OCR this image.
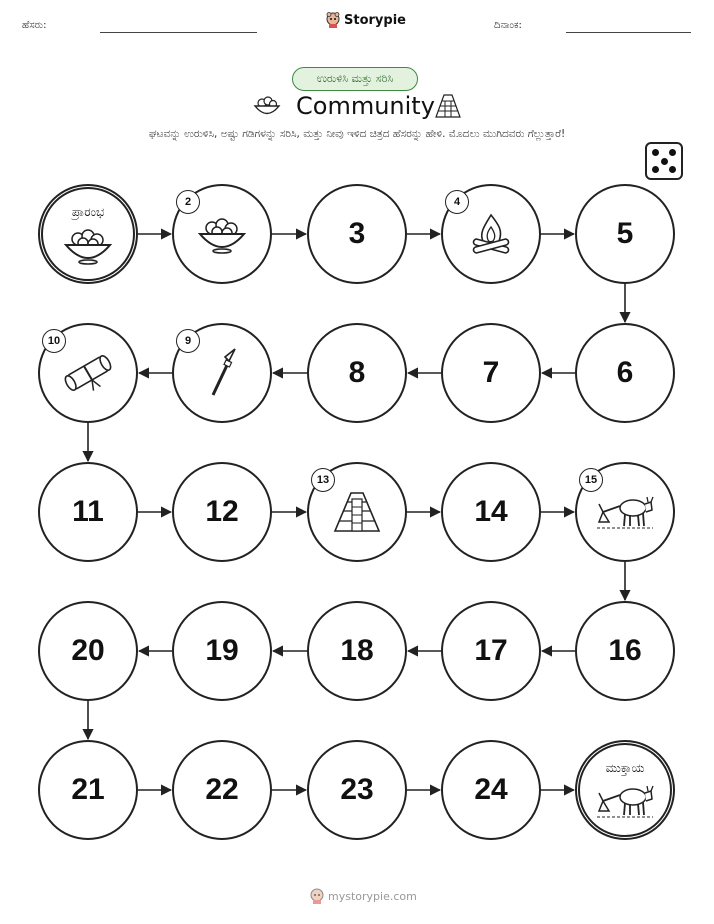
ಹೆಸರು:	Storypie	ದಿನಾಂಕ:
ಉರುಳಿಸಿ ಮತ್ತು ಸರಿಸಿ
Community
ಘಟವನ್ನು ಉರುಳಿಸಿ, ಅಷ್ಟು ಗಡಿಗಳನ್ನು ಸರಿಸಿ, ಮತ್ತು ನೀವು ಇಳಿದ ಚಿತ್ರದ ಹೆಸರನ್ನು ಹೇಳಿ. ಮೊದಲು ಮುಗಿದವರು ಗೆಲ್ಲುತ್ತಾರೆ!
ಪ್ರಾರಂಭ
2
3
4
5
10	9
8	7	6
11	12
13
14
15
20	19	18	17	16
21	22	23	24
ಮುಕ್ತಾಯ
mystorypie.com
